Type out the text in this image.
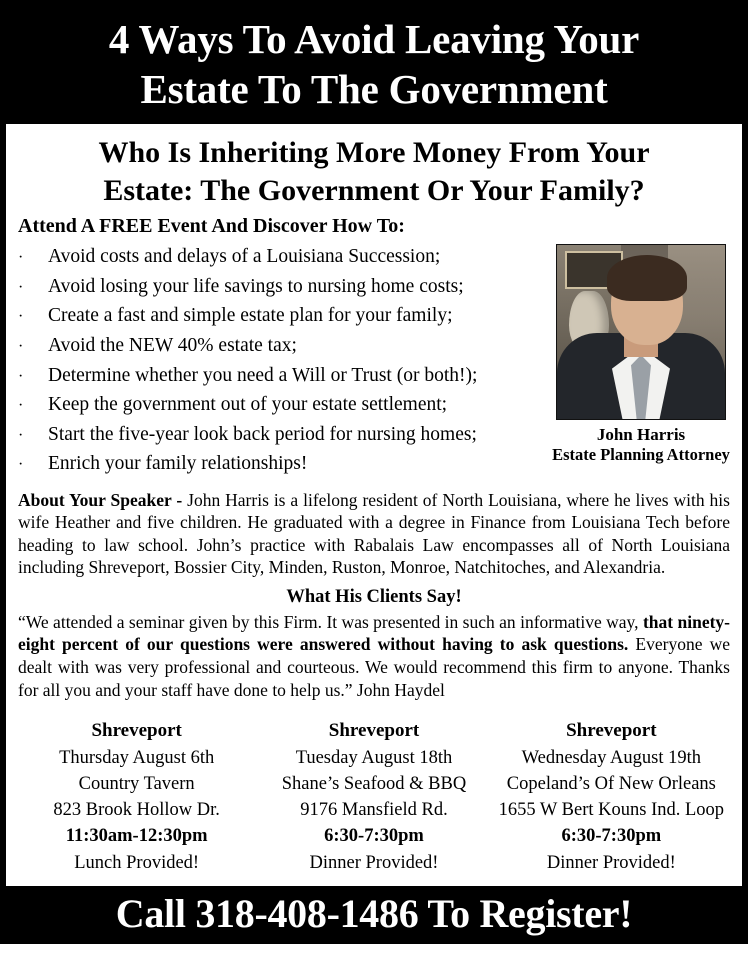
4 Ways To Avoid Leaving Your
Estate To The Government
Who Is Inheriting More Money From Your
Estate: The Government Or Your Family?
Attend A FREE Event And Discover How To:
·	Avoid costs and delays of a Louisiana Succession;
·	Avoid losing your life savings to nursing home costs;
·	Create a fast and simple estate plan for your family;
·	Avoid the NEW 40% estate tax;
·	Determine whether you need a Will or Trust (or both!);
·	Keep the government out of your estate settlement;
·	Start the five-year look back period for nursing homes;
·	Enrich your family relationships!
John Harris
Estate Planning Attorney

About Your Speaker - John Harris is a lifelong resident of North Louisiana, where he lives with his wife Heather and five children. He graduated with a degree in Finance from Louisiana Tech before heading to law school. John’s practice with Rabalais Law encompasses all of North Louisiana including Shreveport, Bossier City, Minden, Ruston, Monroe, Natchitoches, and Alexandria.

What His Clients Say!

“We attended a seminar given by this Firm. It was presented in such an informative way, that ninety-eight percent of our questions were answered without having to ask questions. Everyone we dealt with was very professional and courteous. We would recommend this firm to anyone. Thanks for all you and your staff have done to help us.” John Haydel

Shreveport
Thursday August 6th
Country Tavern
823 Brook Hollow Dr.
11:30am-12:30pm
Lunch Provided!
Shreveport
Tuesday August 18th
Shane’s Seafood & BBQ
9176 Mansfield Rd.
6:30-7:30pm
Dinner Provided!
Shreveport
Wednesday August 19th
Copeland’s Of New Orleans
1655 W Bert Kouns Ind. Loop
6:30-7:30pm
Dinner Provided!
Call 318-408-1486 To Register!
Rabalais Law, 7591 Fern Ave., Suite 1303, Shreveport, LA 71105
